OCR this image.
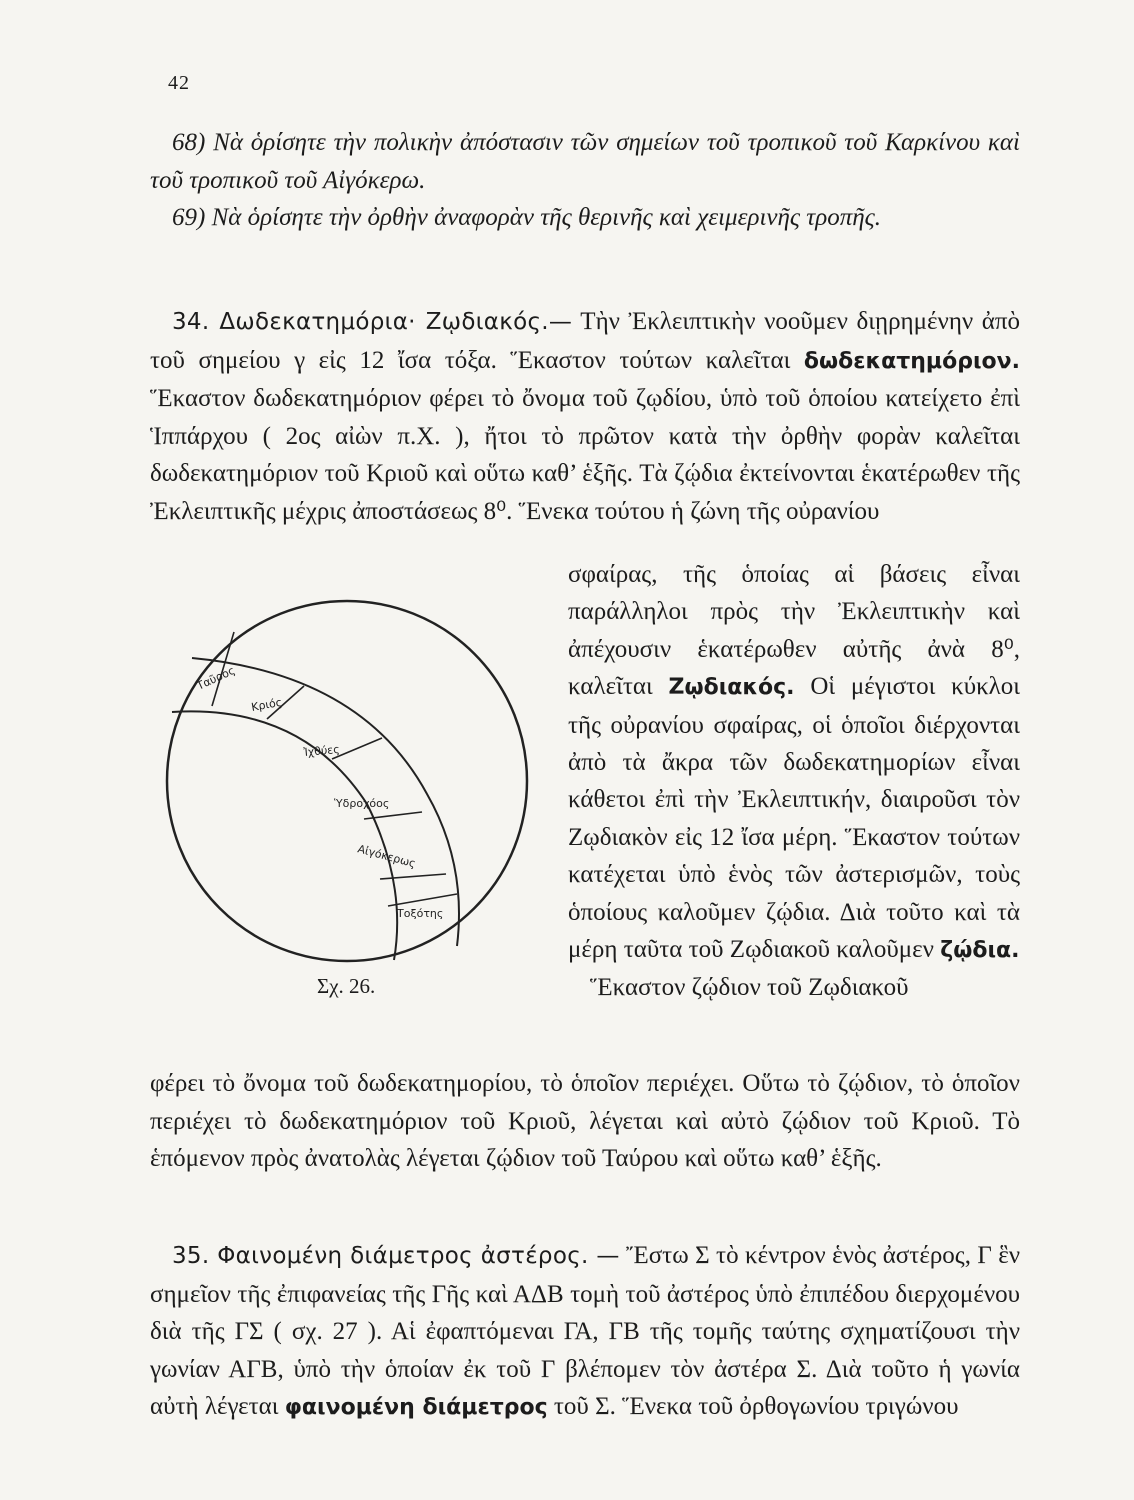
42

68) Νὰ ὁρίσητε τὴν πολικὴν ἀπόστασιν τῶν σημείων τοῦ τροπικοῦ τοῦ Καρκίνου καὶ τοῦ τροπικοῦ τοῦ Αἰγόκερω.

69) Νὰ ὁρίσητε τὴν ὀρθὴν ἀναφορὰν τῆς θερινῆς καὶ χειμερινῆς τροπῆς.

34. Δωδεκατημόρια· Ζῳδιακός.— Τὴν Ἐκλειπτικὴν νοοῦμεν διῃρημένην ἀπὸ τοῦ σημείου γ εἰς 12 ἴσα τόξα. Ἕκαστον τούτων καλεῖται δωδεκατημόριον. Ἕκαστον δωδεκατημόριον φέρει τὸ ὄνομα τοῦ ζῳδίου, ὑπὸ τοῦ ὁποίου κατείχετο ἐπὶ Ἱππάρχου ( 2ος αἰὼν π.Χ. ), ἤτοι τὸ πρῶτον κατὰ τὴν ὀρθὴν φορὰν καλεῖται δωδεκατημόριον τοῦ Κριοῦ καὶ οὕτω καθ’ ἑξῆς. Τὰ ζῴδια ἐκτείνονται ἑκατέρωθεν τῆς Ἐκλειπτικῆς μέχρις ἀποστάσεως 8⁰. Ἕνεκα τούτου ἡ ζώνη τῆς οὐρανίου

Ταῦρος
Κριός
Ἰχθύες
Ὑδροχόος
Αἰγόκερως
Τοξότης
Σχ. 26.

σφαίρας, τῆς ὁποίας αἱ βάσεις εἶναι παράλληλοι πρὸς τὴν Ἐκλειπτικὴν καὶ ἀπέχουσιν ἑκατέρωθεν αὐτῆς ἀνὰ 8⁰, καλεῖται Ζῳδιακός. Οἱ μέγιστοι κύκλοι τῆς οὐρανίου σφαίρας, οἱ ὁποῖοι διέρχονται ἀπὸ τὰ ἄκρα τῶν δωδεκατημορίων εἶναι κάθετοι ἐπὶ τὴν Ἐκλειπτικήν, διαιροῦσι τὸν Ζῳδιακὸν εἰς 12 ἴσα μέρη. Ἕκαστον τούτων κατέχεται ὑπὸ ἑνὸς τῶν ἀστερισμῶν, τοὺς ὁποίους καλοῦμεν ζῴδια. Διὰ τοῦτο καὶ τὰ μέρη ταῦτα τοῦ Ζῳδιακοῦ καλοῦμεν ζῴδια.

Ἕκαστον ζῴδιον τοῦ Ζῳδιακοῦ

φέρει τὸ ὄνομα τοῦ δωδεκατημορίου, τὸ ὁποῖον περιέχει. Οὕτω τὸ ζῴδιον, τὸ ὁποῖον περιέχει τὸ δωδεκατημόριον τοῦ Κριοῦ, λέγεται καὶ αὐτὸ ζῴδιον τοῦ Κριοῦ. Τὸ ἑπόμενον πρὸς ἀνατολὰς λέγεται ζῴδιον τοῦ Ταύρου καὶ οὕτω καθ’ ἑξῆς.

35. Φαινομένη διάμετρος ἀστέρος. — Ἔστω Σ τὸ κέντρον ἑνὸς ἀστέρος, Γ ἓν σημεῖον τῆς ἐπιφανείας τῆς Γῆς καὶ ΑΔΒ τομὴ τοῦ ἀστέρος ὑπὸ ἐπιπέδου διερχομένου διὰ τῆς ΓΣ ( σχ. 27 ). Αἱ ἐφαπτόμεναι ΓΑ, ΓΒ τῆς τομῆς ταύτης σχηματίζουσι τὴν γωνίαν ΑΓΒ, ὑπὸ τὴν ὁποίαν ἐκ τοῦ Γ βλέπομεν τὸν ἀστέρα Σ. Διὰ τοῦτο ἡ γωνία αὐτὴ λέγεται φαινομένη διάμετρος τοῦ Σ. Ἕνεκα τοῦ ὀρθογωνίου τριγώνου
